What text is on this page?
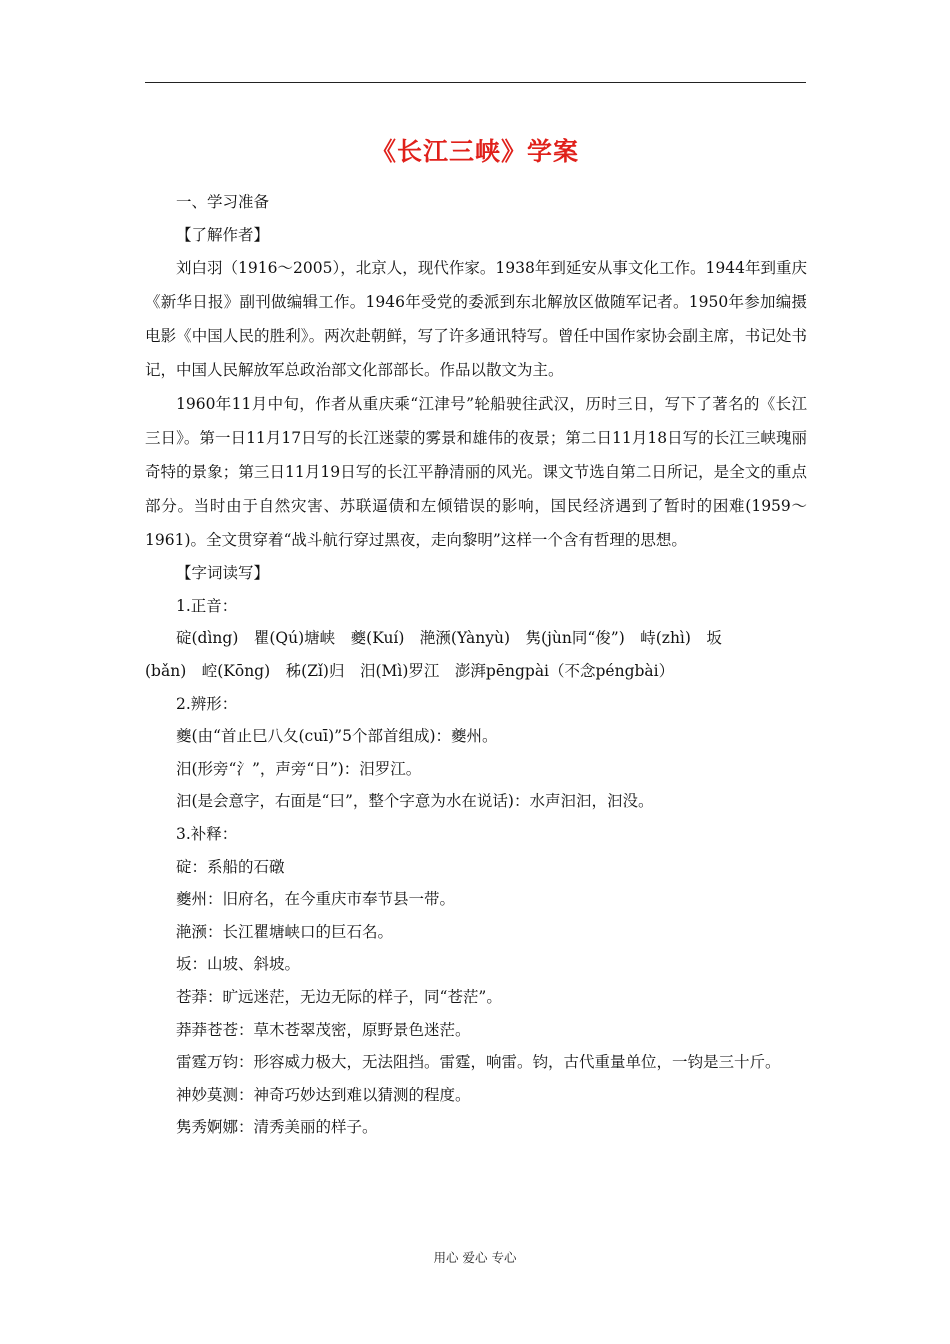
《长江三峡》学案
一、学习准备
【了解作者】
刘白羽（1916～2005），北京人，现代作家。1938年到延安从事文化工作。1944年到重庆《新华日报》副刊做编辑工作。1946年受党的委派到东北解放区做随军记者。1950年参加编摄电影《中国人民的胜利》。两次赴朝鲜，写了许多通讯特写。曾任中国作家协会副主席，书记处书记，中国人民解放军总政治部文化部部长。作品以散文为主。
1960年11月中旬，作者从重庆乘“江津号”轮船驶往武汉，历时三日，写下了著名的《长江三日》。第一日11月17日写的长江迷蒙的雾景和雄伟的夜景；第二日11月18日写的长江三峡瑰丽奇特的景象；第三日11月19日写的长江平静清丽的风光。课文节选自第二日所记，是全文的重点部分。当时由于自然灾害、苏联逼债和左倾错误的影响，国民经济遇到了暂时的困难(1959～1961)。全文贯穿着“战斗航行穿过黑夜，走向黎明”这样一个含有哲理的思想。
【字词读写】
1.正音：
碇(dìng)　瞿(Qú)塘峡　夔(Kuí)　滟滪(Yànyù)　隽(jùn同“俊”)　峙(zhì)　坂
(bǎn)　崆(Kōng)　秭(Zǐ)归　汨(Mì)罗江　澎湃pēngpài（不念péngbài）
2.辨形：
夔(由“首止巳八夂(cuī)”5个部首组成)：夔州。
汨(形旁“氵”，声旁“日”)：汨罗江。
汩(是会意字，右面是“曰”，整个字意为水在说话)：水声汩汩，汩没。
3.补释：
碇：系船的石礅
夔州：旧府名，在今重庆市奉节县一带。
滟滪：长江瞿塘峡口的巨石名。
坂：山坡、斜坡。
苍莽：旷远迷茫，无边无际的样子，同“苍茫”。
莽莽苍苍：草木苍翠茂密，原野景色迷茫。
雷霆万钧：形容威力极大，无法阻挡。雷霆，响雷。钧，古代重量单位，一钧是三十斤。
神妙莫测：神奇巧妙达到难以猜测的程度。
隽秀婀娜：清秀美丽的样子。
用心 爱心 专心
